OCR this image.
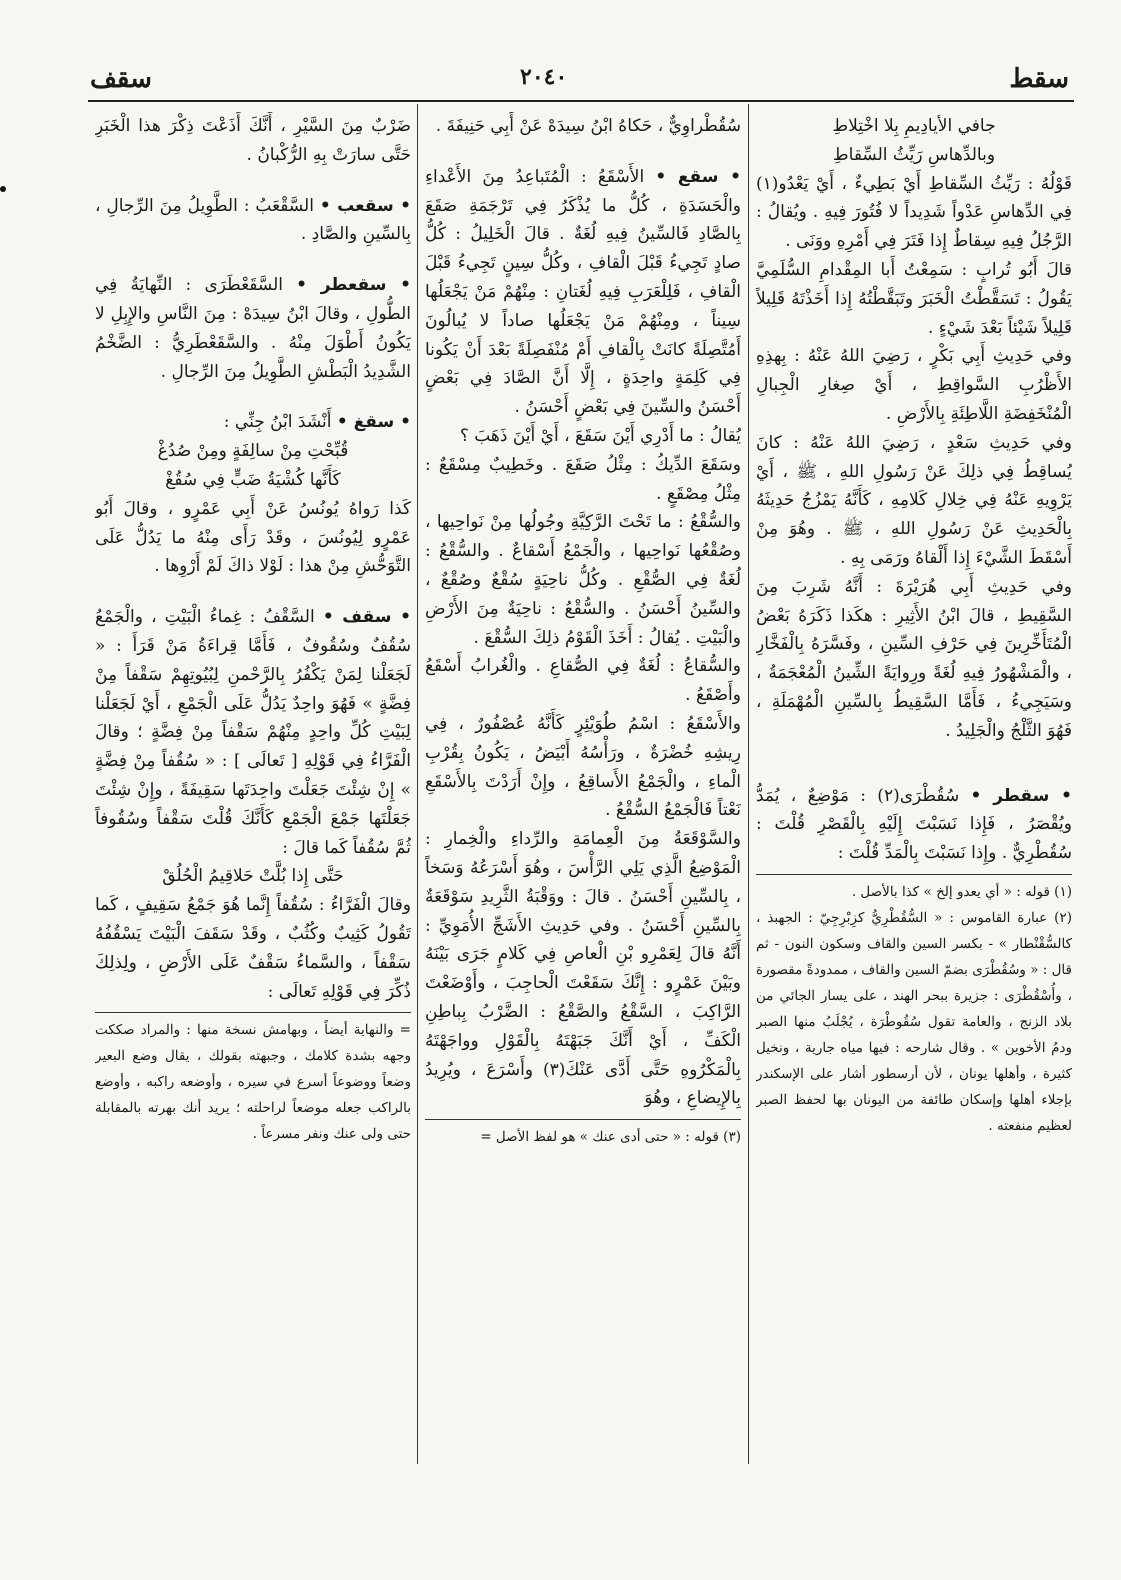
سقط
٢٠٤٠
سقف

جافي الأيادِيمِ بِلا اخْتِلاطِ

وبالدِّهاسِ رَيِّثُ السِّقاطِ

قَوْلُهُ : رَيِّثُ السِّقاطِ أَيْ بَطِيءٌ ، أَيْ يَعْدُو(١) فِي الدِّهاسِ عَدْواً شَدِيداً لا فُتُورَ فِيهِ . ويُقالُ : الرَّجُلُ فِيهِ سِقاطٌ إِذا فَتَرَ فِي أَمْرِهِ ووَنَى .

قالَ أَبُو تُرابٍ : سَمِعْتُ أَبا المِقْدامِ السُّلَمِيَّ يَقُولُ : تَسَقَّطْتُ الْخَبَرَ وتَبَقَّطْتُهُ إِذا أَخَذْتَهُ قَلِيلاً قَلِيلاً شَيْئاً بَعْدَ شَيْءٍ .

وفي حَدِيثِ أَبِي بَكْرٍ ، رَضِيَ اللهُ عَنْهُ : بِهذِهِ الأَظْرُبِ السَّواقِطِ ، أَيْ صِغارِ الْجِبالِ الْمُنْخَفِضَةِ اللَّاطِئَةِ بِالأَرْضِ .

وفي حَدِيثِ سَعْدٍ ، رَضِيَ اللهُ عَنْهُ : كانَ يُساقِطُ فِي ذلِكَ عَنْ رَسُولِ اللهِ ، ﷺ ، أَيْ يَرْوِيهِ عَنْهُ فِي خِلالِ كَلامِهِ ، كَأَنَّهُ يَمْزُجُ حَدِيثَهُ بِالْحَدِيثِ عَنْ رَسُولِ اللهِ ، ﷺ . وهُوَ مِنْ أَسْقَطَ الشَّيْءَ إِذا أَلْقاهُ ورَمَى بِهِ .

وفي حَدِيثِ أَبِي هُرَيْرَةَ : أَنَّهُ شَرِبَ مِنَ السَّقِيطِ ، قالَ ابْنُ الأَثِيرِ : هكَذا ذَكَرَهُ بَعْضُ الْمُتَأَخِّرِينَ فِي حَرْفِ السِّينِ ، وفَسَّرَهُ بِالْفَخَّارِ ، والْمَشْهُورُ فِيهِ لُغَةً ورِوايَةً الشِّينُ الْمُعْجَمَةُ ، وسَيَجِيءُ ، فَأَمَّا السَّقِيطُ بِالسِّينِ الْمُهْمَلَةِ ، فَهُوَ الثَّلْجُ والْجَلِيدُ .

• سقطر • سُقُطْرَى(٢) : مَوْضِعٌ ، يُمَدُّ ويُقْصَرُ ، فَإِذا نَسَبْتَ إِلَيْهِ بِالْقَصْرِ قُلْتَ : سُقُطْرِيٌّ . وإِذا نَسَبْتَ بِالْمَدِّ قُلْتَ :

(١) قوله : « أي يعدو إلخ » كذا بالأصل .

(٢) عبارة القاموس : « السُّقُطْرِيُّ كزِبْرِجِيّ : الجهبذ ، كالسُّقْنْطار » - بكسر السين والقاف وسكون النون - ثم قال : « وسُقُطْرَى بضمّ السين والقاف ، ممدودةً مقصورة ، وأُسْقُطْرَى : جزيرة ببحر الهند ، على يسار الجائي من بلاد الزنج ، والعامة تقول سُقُوطْرَة ، يُجْلَبُ منها الصبر ودمُ الأخوين » . وقال شارحه : فيها مياه جارية ، ونخيل كثيرة ، وأهلها يونان ، لأن أرسطور أشار على الإسكندر بإجلاء أهلها وإسكان طائفة من اليونان بها لحفظ الصبر لعظيم منفعته .

سُقُطْراوِيٌّ ، حَكاهُ ابْنُ سِيدَهْ عَنْ أَبِي حَنِيفَةَ .

• سقع • الأَسْقَعُ : الْمُتَباعِدُ مِنَ الأَعْداءِ والْحَسَدَةِ ، كُلُّ ما يُذْكَرُ فِي تَرْجَمَةِ صَقَعَ بِالصَّادِ فَالسِّينُ فِيهِ لُغَةٌ . قالَ الْخَلِيلُ : كُلُّ صادٍ تَجِيءُ قَبْلَ الْقافِ ، وكُلُّ سِينٍ تَجِيءُ قَبْلَ الْقافِ ، فَلِلْعَرَبِ فِيهِ لُغَتانِ : مِنْهُمْ مَنْ يَجْعَلُها سِيناً ، ومِنْهُمْ مَنْ يَجْعَلُها صاداً لا يُبالُونَ أَمُتَّصِلَةً كانَتْ بِالْقافِ أَمْ مُنْفَصِلَةً بَعْدَ أَنْ يَكُونا فِي كَلِمَةٍ واحِدَةٍ ، إِلَّا أَنَّ الصَّادَ فِي بَعْضٍ أَحْسَنُ والسِّينَ فِي بَعْضٍ أَحْسَنُ .

يُقالُ : ما أَدْرِي أَيْنَ سَقَعَ ، أَيْ أَيْنَ ذَهَبَ ؟

وسَقَعَ الدِّيكُ : مِثْلُ صَقَعَ . وخَطِيبٌ مِسْقَعٌ : مِثْلُ مِصْقَعٍ .

والسُّقْعُ : ما تَحْتَ الرَّكِيَّةِ وجُولُها مِنْ نَواحِيها ، وصُقْعُها نَواحِيها ، والْجَمْعُ أَسْقاعٌ . والسُّقْعُ : لُغَةٌ فِي الصُّقْعِ . وكُلُّ ناحِيَةٍ سُقْعٌ وصُقْعٌ ، والسِّينُ أَحْسَنُ . والسُّقْعُ : ناحِيَةٌ مِنَ الأَرْضِ والْبَيْتِ . يُقالُ : أَخَذَ الْقَوْمُ ذلِكَ السُّقْعَ .

والسُّقاعُ : لُغَةٌ فِي الصُّقاعِ . والْغُرابُ أَسْقَعُ وأَصْقَعُ .

والأَسْقَعُ : اسْمُ طُوَيْئِرٍ كَأَنَّهُ عُصْفُورٌ ، فِي رِيشِهِ خُضْرَةٌ ، ورَأْسُهُ أَبْيَضُ ، يَكُونُ بِقُرْبِ الْماءِ ، والْجَمْعُ الأَساقِعُ ، وإِنْ أَرَدْتَ بِالأَسْقَعِ نَعْتاً فَالْجَمْعُ السُّقْعُ .

والسَّوْقَعَةُ مِنَ الْعِمامَةِ والرِّداءِ والْخِمارِ : الْمَوْضِعُ الَّذِي يَلِي الرَّأْسَ ، وهُوَ أَسْرَعُهُ وَسَخاً ، بِالسِّينِ أَحْسَنُ . قالَ : ووَقْبَةُ الثَّرِيدِ سَوْقَعَةٌ بِالسِّينِ أَحْسَنُ . وفي حَدِيثِ الأَشَجِّ الأُمَوِيِّ : أَنَّهُ قالَ لِعَمْرِو بْنِ الْعاصِ فِي كَلامٍ جَرَى بَيْنَهُ وبَيْنَ عَمْرٍو : إِنَّكَ سَقَعْتَ الْحاجِبَ ، وأَوْضَعْتَ الرَّاكِبَ ، السَّقْعُ والصَّقْعُ : الضَّرْبُ بِباطِنِ الْكَفِّ ، أَيْ أَنَّكَ جَبَهْتَهُ بِالْقَوْلِ وواجَهْتَهُ بِالْمَكْرُوهِ حَتَّى أَدَّى عَنْكَ(٣) وأَسْرَعَ ، ويُرِيدُ بِالإِيضاعِ ، وهُوَ

(٣) قوله : « حتى أدى عنك » هو لفظ الأصل =

ضَرْبٌ مِنَ السَّيْرِ ، أَنَّكَ أَذَعْتَ ذِكْرَ هذا الْخَبَرِ حَتَّى سارَتْ بِهِ الرُّكْبانُ .

• سقعب • السَّقْعَبُ : الطَّوِيلُ مِنَ الرِّجالِ ، بِالسِّينِ والصَّادِ .

• سقعطر • السَّقَعْطَرَى : النِّهايَةُ فِي الطُّولِ ، وقالَ ابْنُ سِيدَهْ : مِنَ النَّاسِ والإِبِلِ لا يَكُونُ أَطْوَلَ مِنْهُ . والسَّقَعْطَرِيُّ : الضَّخْمُ الشَّدِيدُ الْبَطْشِ الطَّوِيلُ مِنَ الرِّجالِ .

• سقغ • أَنْشَدَ ابْنُ جِنِّي :

قُبِّحْتِ مِنْ سالِفَةٍ ومِنْ صُدُغْ

كَأَنَّها كُشْيَةُ ضَبٍّ فِي سُقُغْ

كَذا رَواهُ يُونُسُ عَنْ أَبِي عَمْرٍو ، وقالَ أَبُو عَمْرٍو لِيُونُسَ ، وقَدْ رَأَى مِنْهُ ما يَدُلُّ عَلَى التَّوَحُّشِ مِنْ هذا : لَوْلا ذاكَ لَمْ أَرْوِها .

• سقف • السَّقْفُ : غِماءُ الْبَيْتِ ، والْجَمْعُ سُقُفٌ وسُقُوفٌ ، فَأَمَّا قِراءَةُ مَنْ قَرَأَ : « لَجَعَلْنا لِمَنْ يَكْفُرُ بِالرَّحْمنِ لِبُيُوتِهِمْ سَقْفاً مِنْ فِضَّةٍ » فَهُوَ واحِدٌ يَدُلُّ عَلَى الْجَمْعِ ، أَيْ لَجَعَلْنا لِبَيْتِ كُلِّ واحِدٍ مِنْهُمْ سَقْفاً مِنْ فِضَّةٍ ؛ وقالَ الْفَرَّاءُ فِي قَوْلِهِ [ تَعالَى ] : « سُقُفاً مِنْ فِضَّةٍ » إِنْ شِئْتَ جَعَلْتَ واحِدَتَها سَقِيفَةً ، وإِنْ شِئْتَ جَعَلْتَها جَمْعَ الْجَمْعِ كَأَنَّكَ قُلْتَ سَقْفاً وسُقُوفاً ثُمَّ سُقُفاً كَما قالَ :

حَتَّى إِذا بُلَّتْ حَلاقِيمُ الْحُلُقْ

وقالَ الْفَرَّاءُ : سُقُفاً إِنَّما هُوَ جَمْعُ سَقِيفٍ ، كَما تَقُولُ كَثِيبٌ وكُثُبٌ ، وقَدْ سَقَفَ الْبَيْتَ يَسْقُفُهُ سَقْفاً ، والسَّماءُ سَقْفٌ عَلَى الأَرْضِ ، ولِذلِكَ ذُكِّرَ فِي قَوْلِهِ تَعالَى :

= والنهاية أيضاً ، وبهامش نسخة منها : والمراد صككت وجهه بشدة كلامك ، وجبهته بقولك ، يقال وضع البعير وضعاً ووضوعاً أسرع في سيره ، وأوضعه راكبه ، وأوضع بالراكب جعله موضعاً لراحلته ؛ يريد أنك بهرته بالمقابلة حتى ولى عنك ونفر مسرعاً .
